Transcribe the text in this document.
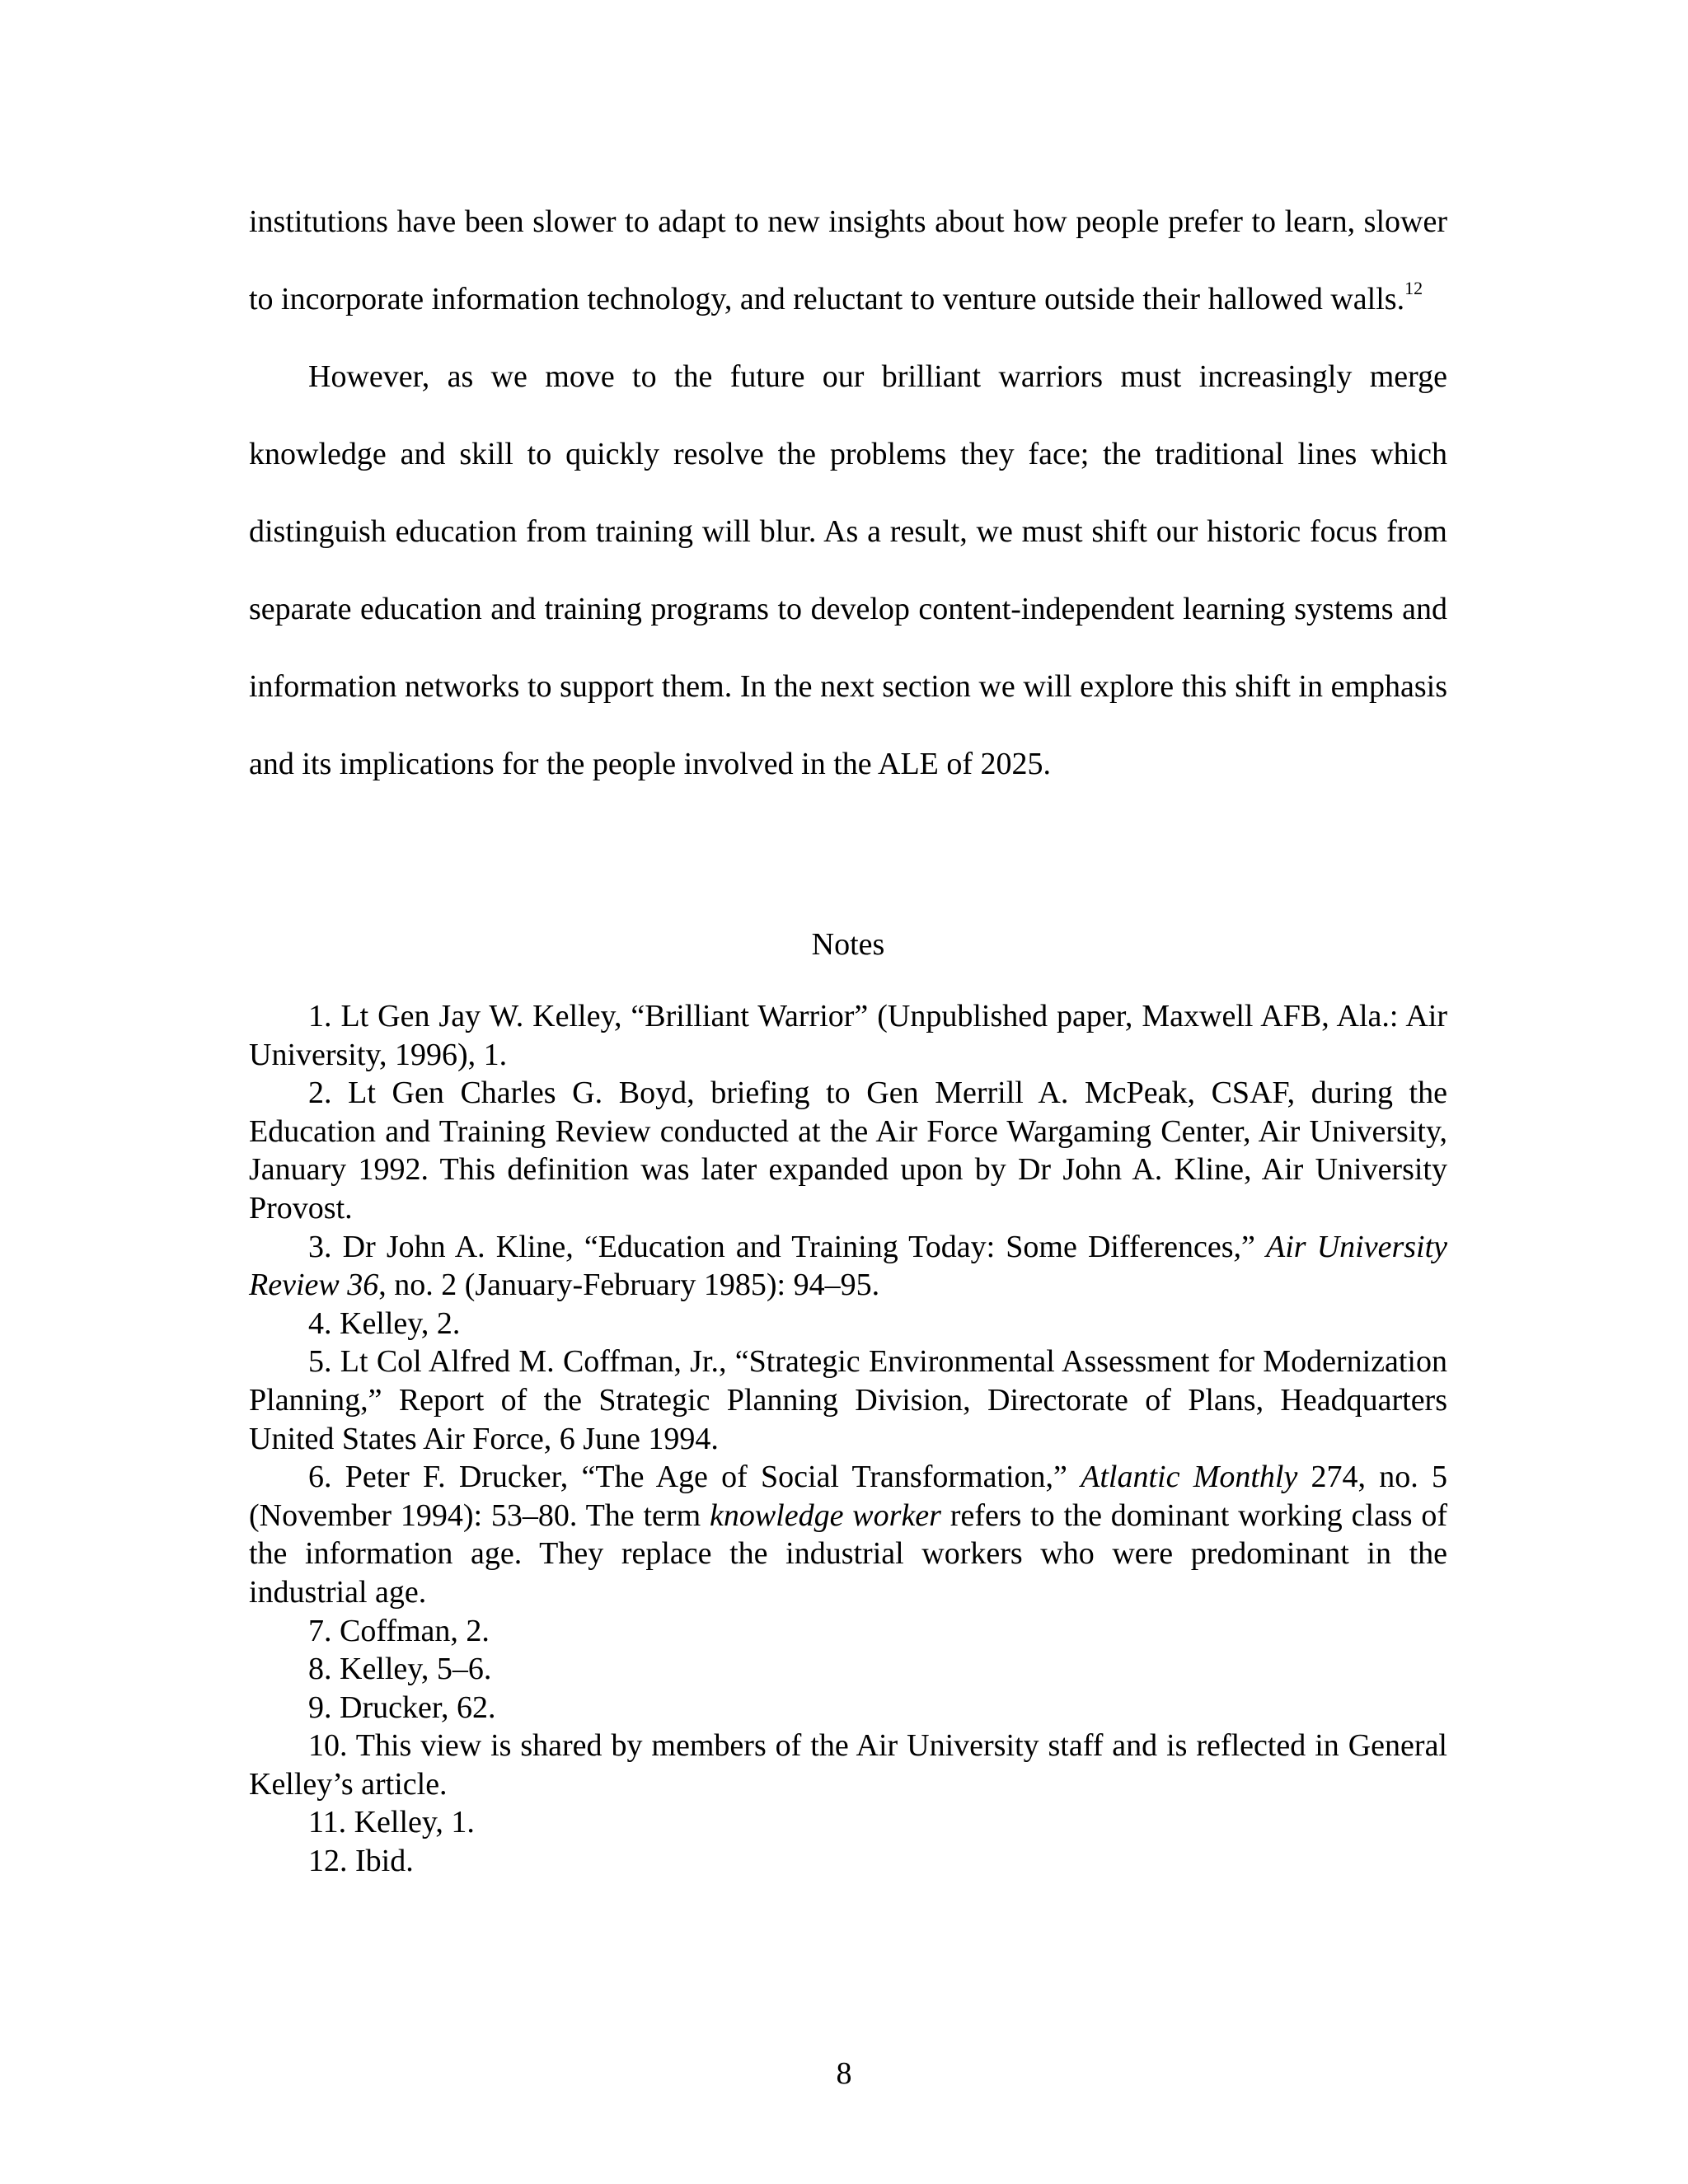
institutions have been slower to adapt to new insights about how people prefer to learn, slower to incorporate information technology, and reluctant to venture outside their hallowed walls.$^{12}$

However, as we move to the future our brilliant warriors must increasingly merge knowledge and skill to quickly resolve the problems they face; the traditional lines which distinguish education from training will blur. As a result, we must shift our historic focus from separate education and training programs to develop content-independent learning systems and information networks to support them. In the next section we will explore this shift in emphasis and its implications for the people involved in the ALE of 2025.

Notes

1. Lt Gen Jay W. Kelley, “Brilliant Warrior” (Unpublished paper, Maxwell AFB, Ala.: Air University, 1996), 1.

2. Lt Gen Charles G. Boyd, briefing to Gen Merrill A. McPeak, CSAF, during the Education and Training Review conducted at the Air Force Wargaming Center, Air University, January 1992. This definition was later expanded upon by Dr John A. Kline, Air University Provost.

3. Dr John A. Kline, “Education and Training Today: Some Differences,” Air University Review 36, no. 2 (January-February 1985): 94–95.

4. Kelley, 2.

5. Lt Col Alfred M. Coffman, Jr., “Strategic Environmental Assessment for Modernization Planning,” Report of the Strategic Planning Division, Directorate of Plans, Headquarters United States Air Force, 6 June 1994.

6. Peter F. Drucker, “The Age of Social Transformation,” Atlantic Monthly 274, no. 5 (November 1994): 53–80. The term knowledge worker refers to the dominant working class of the information age. They replace the industrial workers who were predominant in the industrial age.

7. Coffman, 2.

8. Kelley, 5–6.

9. Drucker, 62.

10. This view is shared by members of the Air University staff and is reflected in General Kelley’s article.

11. Kelley, 1.

12. Ibid.

8
